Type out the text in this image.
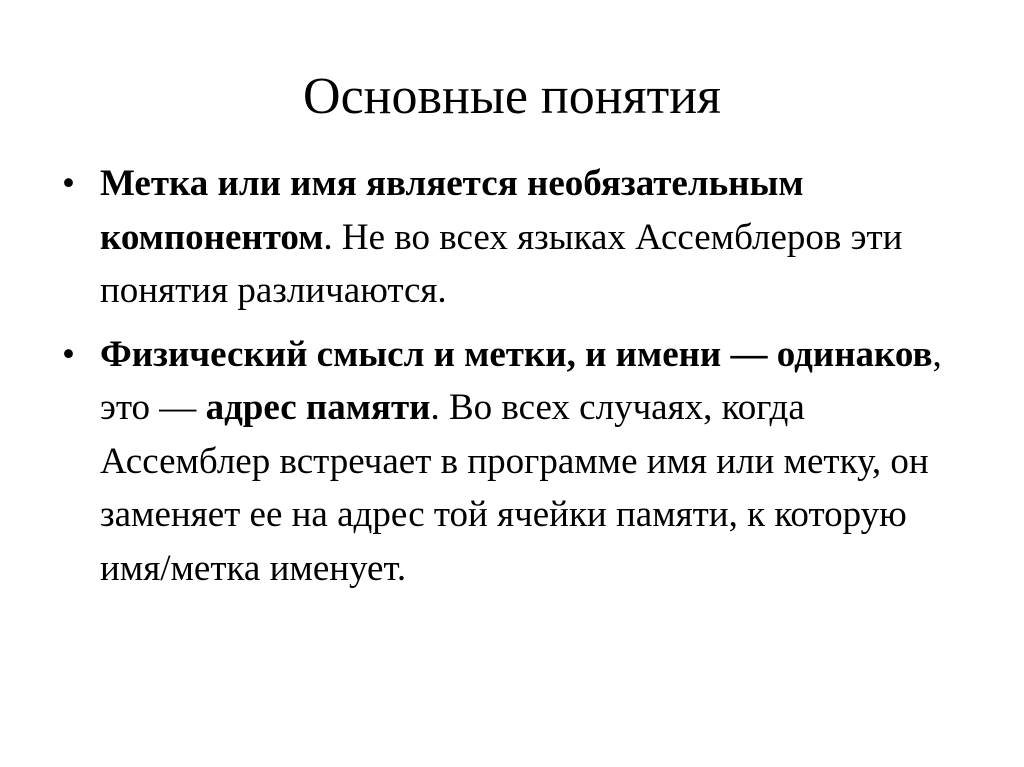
Основные понятия
• Метка или имя является необязательным компонентом. Не во всех языках Ассемблеров эти понятия различаются.
• Физический смысл и метки, и имени — одинаков, это — адрес памяти. Во всех случаях, когда Ассемблер встречает в программе имя или метку, он заменяет ее на адрес той ячейки памяти, к которую имя/метка именует.
